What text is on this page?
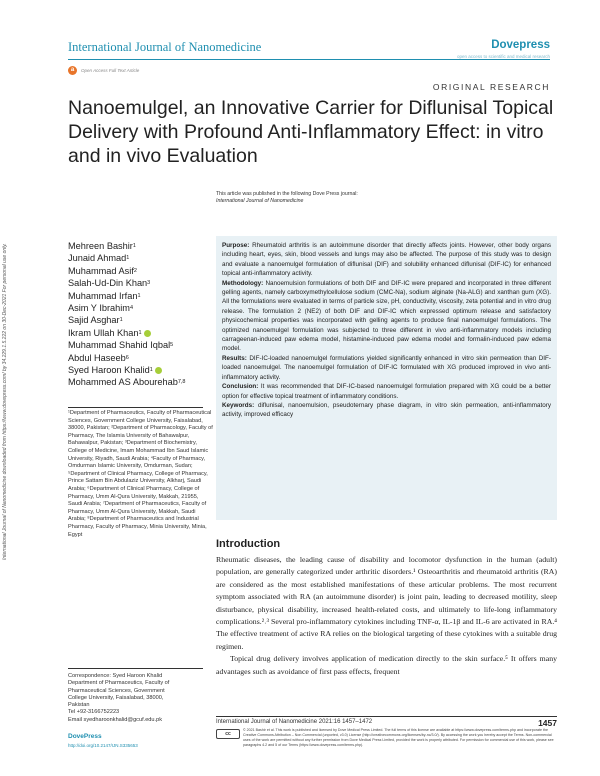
International Journal of Nanomedicine	Dovepress
open access to scientific and medical research
a	Open Access Full Text Article
ORIGINAL RESEARCH
Nanoemulgel, an Innovative Carrier for Diflunisal Topical Delivery with Profound Anti-Inflammatory Effect: in vitro and in vivo Evaluation
International Journal of Nanomedicine downloaded from https://www.dovepress.com/ by 34.229.1.5.222 on 30-Dec-2021 For personal use only.
This article was published in the following Dove Press journal:
International Journal of Nanomedicine
Mehreen Bashir 1
Junaid Ahmad 1
Muhammad Asif 2
Salah-Ud-Din Khan 3
Muhammad Irfan 1
Asim Y Ibrahim 4
Sajid Asghar 1
Ikram Ullah Khan 1
Muhammad Shahid Iqbal 5
Abdul Haseeb 6
Syed Haroon Khalid 1
Mohammed AS Abourehab 7,8
¹Department of Pharmaceutics, Faculty of Pharmaceutical Sciences, Government College University, Faisalabad, 38000, Pakistan; ²Department of Pharmacology, Faculty of Pharmacy, The Islamia University of Bahawalpur, Bahawalpur, Pakistan; ³Department of Biochemistry, College of Medicine, Imam Mohammad Ibn Saud Islamic University, Riyadh, Saudi Arabia; ⁴Faculty of Pharmacy, Omdurman Islamic University, Omdurman, Sudan; ⁵Department of Clinical Pharmacy, College of Pharmacy, Prince Sattam Bin Abdulaziz University, Alkharj, Saudi Arabia; ⁶Department of Clinical Pharmacy, College of Pharmacy, Umm Al-Qura University, Makkah, 21955, Saudi Arabia; ⁷Department of Pharmaceutics, Faculty of Pharmacy, Umm Al-Qura University, Makkah, Saudi Arabia; ⁸Department of Pharmaceutics and Industrial Pharmacy, Faculty of Pharmacy, Minia University, Minia, Egypt
Correspondence: Syed Haroon Khalid
Department of Pharmaceutics, Faculty of
Pharmaceutical Sciences, Government
College University, Faisalabad, 38000,
Pakistan
Tel +92-3166752223
Email syedharoonkhalid@gcuf.edu.pk

Purpose: Rheumatoid arthritis is an autoimmune disorder that directly affects joints. However, other body organs including heart, eyes, skin, blood vessels and lungs may also be affected. The purpose of this study was to design and evaluate a nanoemulgel formulation of diflunisal (DIF) and solubility enhanced diflunisal (DIF-IC) for enhanced topical anti-inflammatory activity.

Methodology: Nanoemulsion formulations of both DIF and DIF-IC were prepared and incorporated in three different gelling agents, namely carboxymethylcellulose sodium (CMC-Na), sodium alginate (Na-ALG) and xanthan gum (XG). All the formulations were evaluated in terms of particle size, pH, conductivity, viscosity, zeta potential and in vitro drug release. The formulation 2 (NE2) of both DIF and DIF-IC which expressed optimum release and satisfactory physicochemical properties was incorporated with gelling agents to produce final nanoemulgel formulations. The optimized nanoemulgel formulation was subjected to three different in vivo anti-inflammatory models including carrageenan-induced paw edema model, histamine-induced paw edema model and formalin-induced paw edema model.

Results: DIF-IC-loaded nanoemulgel formulations yielded significantly enhanced in vitro skin permeation than DIF-loaded nanoemulgel. The nanoemulgel formulation of DIF-IC formulated with XG produced improved in vivo anti-inflammatory activity.

Conclusion: It was recommended that DIF-IC-based nanoemulgel formulation prepared with XG could be a better option for effective topical treatment of inflammatory conditions.

Keywords: diflunisal, nanoemulsion, pseudoternary phase diagram, in vitro skin permeation, anti-inflammatory activity, improved efficacy

Introduction

Rheumatic diseases, the leading cause of disability and locomotor dysfunction in the human (adult) population, are generally categorized under arthritic disorders.¹ Osteoarthritis and rheumatoid arthritis (RA) are considered as the most established manifestations of these articular problems. The most recurrent symptom associated with RA (an autoimmune disorder) is joint pain, leading to decreased motility, sleep disturbance, physical disability, increased health-related costs, and ultimately to life-long inflammatory complications.²˒³ Several pro-inflammatory cytokines including TNF-α, IL-1β and IL-6 are activated in RA.⁴ The effective treatment of active RA relies on the biological targeting of these cytokines with a suitable drug regimen.

Topical drug delivery involves application of medication directly to the skin surface.⁵ It offers many advantages such as avoidance of first pass effects, frequent

International Journal of Nanomedicine 2021:16 1457–1472	1457
DovePress
http://doi.org/10.2147/IJN.S335653
cc
© 2021 Bashir et al. This work is published and licensed by Dove Medical Press Limited. The full terms of this license are available at https://www.dovepress.com/terms.php and incorporate the Creative Commons Attribution – Non Commercial (unported, v3.0) License (http://creativecommons.org/licenses/by-nc/3.0/). By accessing the work you hereby accept the Terms. Non-commercial uses of the work are permitted without any further permission from Dove Medical Press Limited, provided the work is properly attributed. For permission for commercial use of this work, please see paragraphs 4.2 and 5 of our Terms (https://www.dovepress.com/terms.php).
